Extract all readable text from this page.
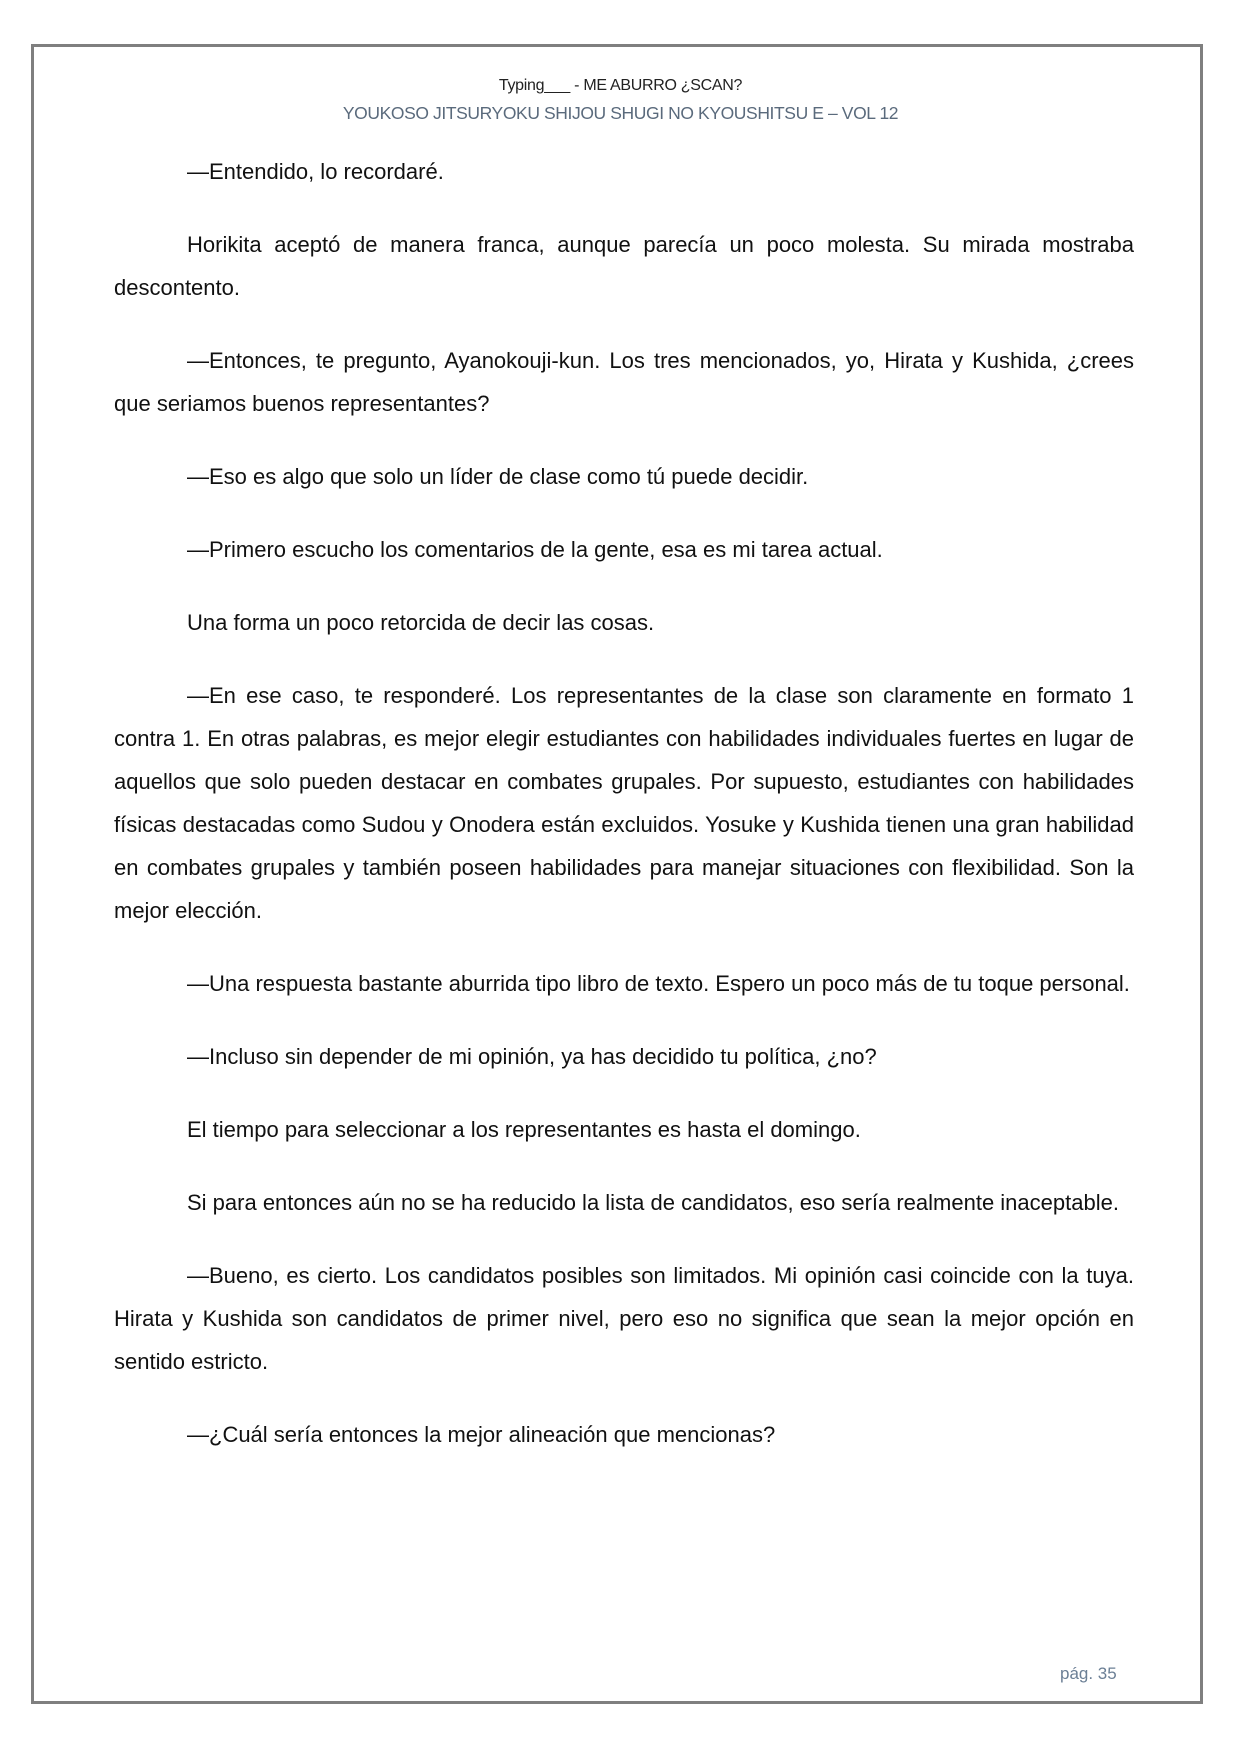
Typing___ - ME ABURRO ¿SCAN?
YOUKOSO JITSURYOKU SHIJOU SHUGI NO KYOUSHITSU E – VOL 12

—Entendido, lo recordaré.

Horikita aceptó de manera franca, aunque parecía un poco molesta. Su mirada mostraba descontento.

—Entonces, te pregunto, Ayanokouji-kun. Los tres mencionados, yo, Hirata y Kushida, ¿crees que seriamos buenos representantes?

—Eso es algo que solo un líder de clase como tú puede decidir.

—Primero escucho los comentarios de la gente, esa es mi tarea actual.

Una forma un poco retorcida de decir las cosas.

—En ese caso, te responderé. Los representantes de la clase son claramente en formato 1 contra 1. En otras palabras, es mejor elegir estudiantes con habilidades individuales fuertes en lugar de aquellos que solo pueden destacar en combates grupales. Por supuesto, estudiantes con habilidades físicas destacadas como Sudou y Onodera están excluidos. Yosuke y Kushida tienen una gran habilidad en combates grupales y también poseen habilidades para manejar situaciones con flexibilidad. Son la mejor elección.

—Una respuesta bastante aburrida tipo libro de texto. Espero un poco más de tu toque personal.

—Incluso sin depender de mi opinión, ya has decidido tu política, ¿no?

El tiempo para seleccionar a los representantes es hasta el domingo.

Si para entonces aún no se ha reducido la lista de candidatos, eso sería realmente inaceptable.

—Bueno, es cierto. Los candidatos posibles son limitados. Mi opinión casi coincide con la tuya. Hirata y Kushida son candidatos de primer nivel, pero eso no significa que sean la mejor opción en sentido estricto.

—¿Cuál sería entonces la mejor alineación que mencionas?

pág. 35
